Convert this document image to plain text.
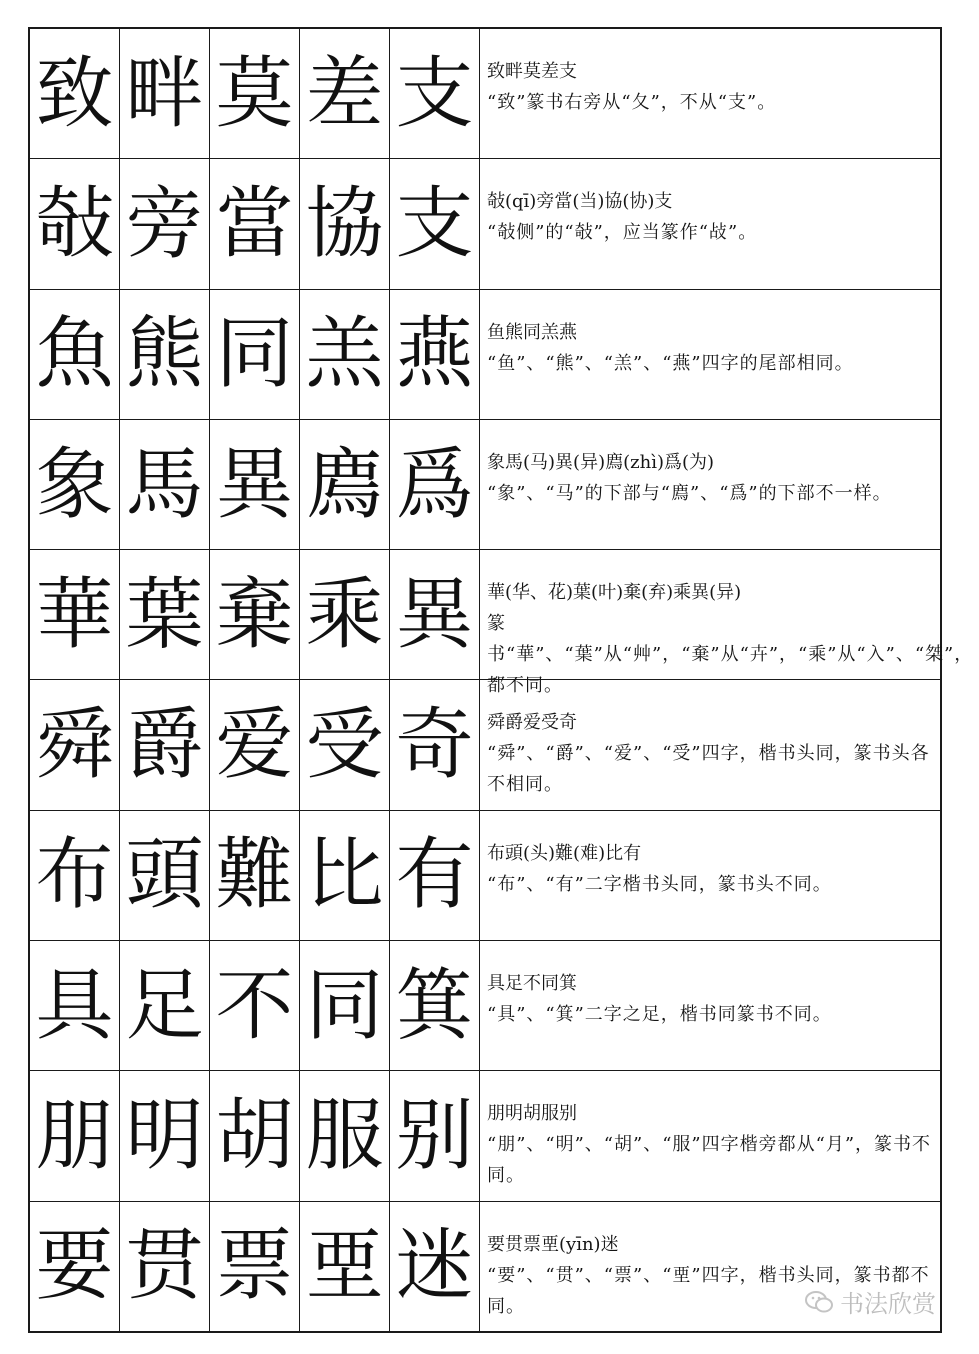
致 畔 莫 差 支 致畔莫差支

“致”篆书右旁从“夂”，不从“支”。

敧 旁 當 協 支 敧(qī)旁當(当)協(协)支

“敧侧”的“敧”，应当篆作“敁”。

魚 熊 同 羔 燕 鱼熊同羔燕

“鱼”、“熊”、“羔”、“燕”四字的尾部相同。

象 馬 異 廌 爲 象馬(马)異(异)廌(zhì)爲(为)

“象”、“马”的下部与“廌”、“爲”的下部不一样。

華 葉 棄 乘 異 華(华、花)葉(叶)棄(弃)乘異(异)

篆书“華”、“葉”从“艸”，“棄”从“卉”，“乘”从“入”、“桀”，都不同。

舜 爵 爱 受 奇 舜爵爱受奇

“舜”、“爵”、“爱”、“受”四字，楷书头同，篆书头各不相同。

布 頭 難 比 有 布頭(头)難(难)比有

“布”、“有”二字楷书头同，篆书头不同。

具 足 不 同 箕 具足不同箕

“具”、“箕”二字之足，楷书同篆书不同。

朋 明 胡 服 别 朋明胡服别

“朋”、“明”、“胡”、“服”四字楷旁都从“月”，篆书不同。

要 贯 票 垔 迷 要贯票垔(yīn)迷

“要”、“贯”、“票”、“垔”四字，楷书头同，篆书都不同。	书法欣赏
